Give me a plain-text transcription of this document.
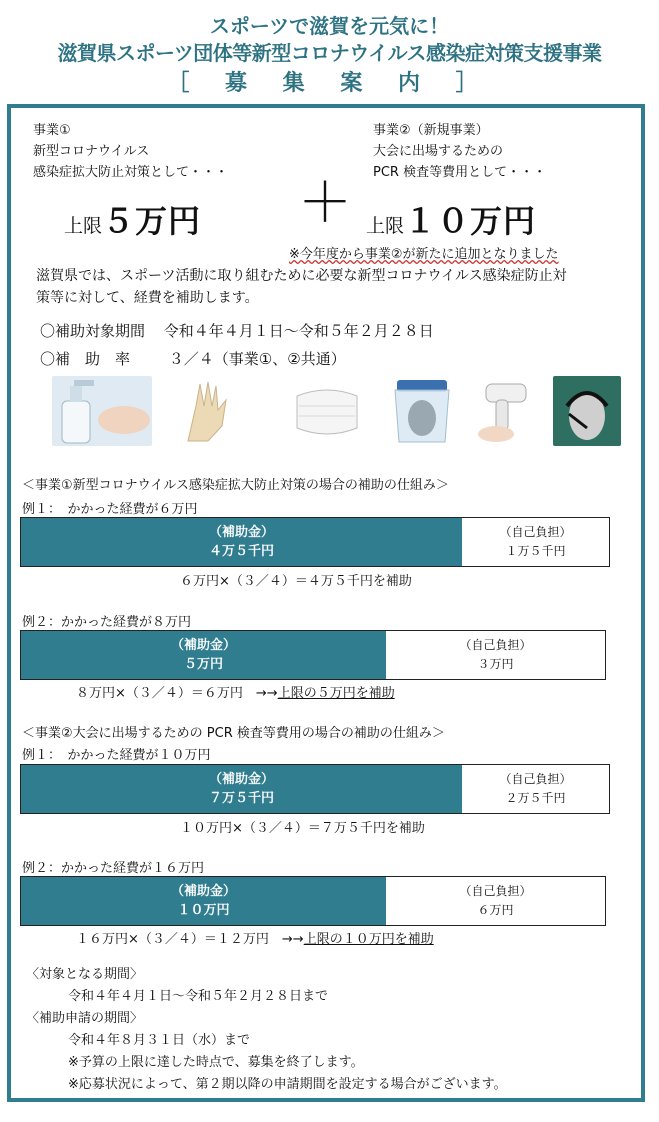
スポーツで滋賀を元気に！
滋賀県スポーツ団体等新型コロナウイルス感染症対策支援事業
［ 募 集 案 内 ］
事業①
新型コロナウイルス
感染症拡大防止対策として・・・
上限５万円 ＋
事業②（新規事業）
大会に出場するための
PCR 検査等費用として・・・
上限１０万円
※今年度から事業②が新たに追加となりました
滋賀県では、スポーツ活動に取り組むために必要な新型コロナウイルス感染症防止対
策等に対して、経費を補助します。
〇補助対象期間 令和４年４月１日～令和５年２月２８日
〇補　助　率	３／４（事業①、②共通）
＜事業①新型コロナウイルス感染症拡大防止対策の場合の補助の仕組み＞
例１：　かかった経費が６万円
（補助金）
４万５千円
（自己負担）
１万５千円
６万円×（３／４）＝４万５千円を補助
例２：かかった経費が８万円
（補助金）
５万円
（自己負担）
３万円
８万円×（３／４）＝６万円　→→上限の５万円を補助
＜事業②大会に出場するための PCR 検査等費用の場合の補助の仕組み＞
例１：　かかった経費が１０万円
（補助金）
７万５千円
（自己負担）
２万５千円
１０万円×（３／４）＝７万５千円を補助
例２：かかった経費が１６万円
（補助金）
１０万円
（自己負担）
６万円
１６万円×（３／４）＝１２万円　→→上限の１０万円を補助
〈対象となる期間〉
令和４年４月１日～令和５年２月２８日まで
〈補助申請の期間〉
令和４年８月３１日（水）まで
※予算の上限に達した時点で、募集を終了します。
※応募状況によって、第２期以降の申請期間を設定する場合がございます。
